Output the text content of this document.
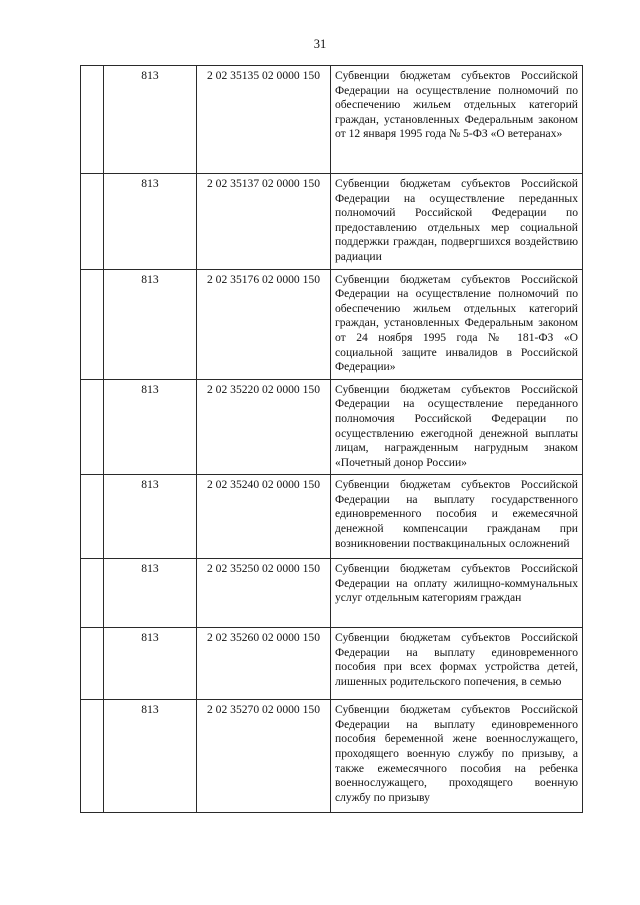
31
	813	2 02 35135 02 0000 150	Субвенции бюджетам субъектов Российской Федерации на осуществление полномочий по обеспечению жильем отдельных категорий граждан, установленных Федеральным законом от 12 января 1995 года № 5-ФЗ «О ветеранах»

	813	2 02 35137 02 0000 150	Субвенции бюджетам субъектов Российской Федерации на осуществление переданных полномочий Российской Федерации по предоставлению отдельных мер социальной поддержки граждан, подвергшихся воздействию радиации

	813	2 02 35176 02 0000 150	Субвенции бюджетам субъектов Российской Федерации на осуществление полномочий по обеспечению жильем отдельных категорий граждан, установленных Федеральным законом от 24 ноября 1995 года № 181-ФЗ «О социальной защите инвалидов в Российской Федерации»

	813	2 02 35220 02 0000 150	Субвенции бюджетам субъектов Российской Федерации на осуществление переданного полномочия Российской Федерации по осуществлению ежегодной денежной выплаты лицам, награжденным нагрудным знаком «Почетный донор России»

	813	2 02 35240 02 0000 150	Субвенции бюджетам субъектов Российской Федерации на выплату государственного единовременного пособия и ежемесячной денежной компенсации гражданам при возникновении поствакцинальных осложнений

	813	2 02 35250 02 0000 150	Субвенции бюджетам субъектов Российской Федерации на оплату жилищно-коммунальных услуг отдельным категориям граждан

	813	2 02 35260 02 0000 150	Субвенции бюджетам субъектов Российской Федерации на выплату единовременного пособия при всех формах устройства детей, лишенных родительского попечения, в семью

	813	2 02 35270 02 0000 150	Субвенции бюджетам субъектов Российской Федерации на выплату единовременного пособия беременной жене военнослужащего, проходящего военную службу по призыву, а также ежемесячного пособия на ребенка военнослужащего, проходящего военную службу по призыву
